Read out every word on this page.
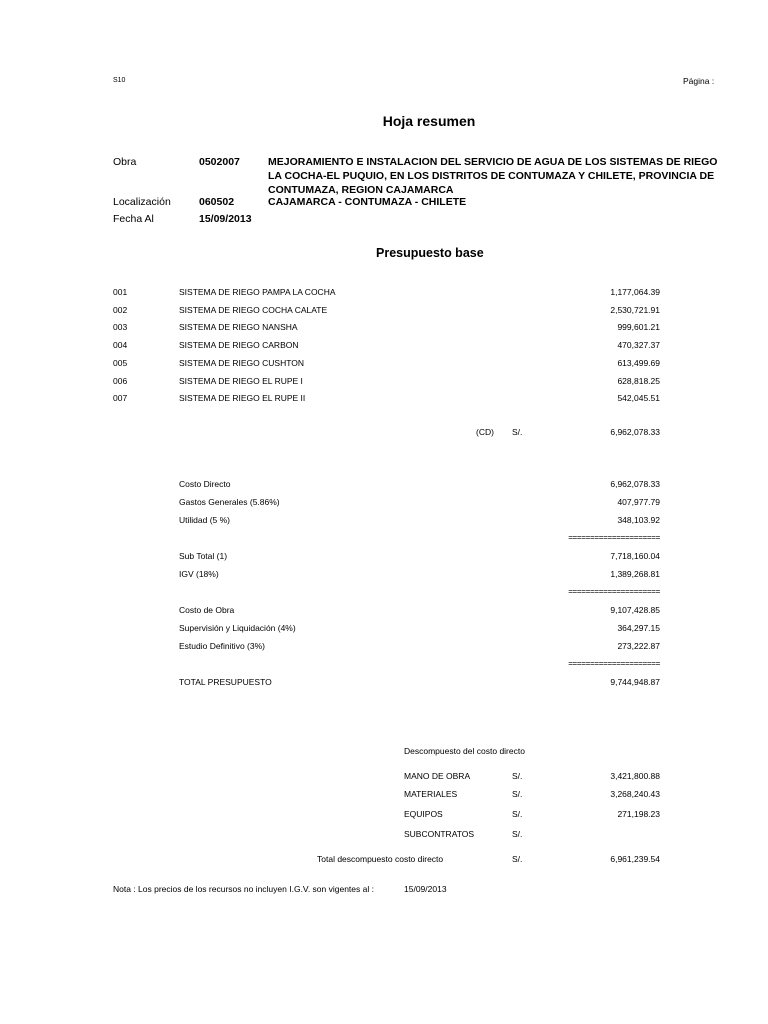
S10	Página :
Hoja resumen
Obra	0502007	MEJORAMIENTO E INSTALACION DEL SERVICIO DE AGUA DE LOS SISTEMAS DE RIEGO LA COCHA-EL PUQUIO, EN LOS DISTRITOS DE CONTUMAZA Y CHILETE, PROVINCIA DE CONTUMAZA, REGION CAJAMARCA
Localización	060502	CAJAMARCA - CONTUMAZA - CHILETE
Fecha Al	15/09/2013
Presupuesto base
001	SISTEMA DE RIEGO PAMPA LA COCHA	1,177,064.39
002	SISTEMA DE RIEGO COCHA CALATE	2,530,721.91
003	SISTEMA DE RIEGO NANSHA	999,601.21
004	SISTEMA DE RIEGO CARBON	470,327.37
005	SISTEMA DE RIEGO CUSHTON	613,499.69
006	SISTEMA DE RIEGO EL RUPE I	628,818.25
007	SISTEMA DE RIEGO EL RUPE II	542,045.51
(CD) S/.	6,962,078.33
Costo Directo	6,962,078.33
Gastos Generales (5.86%)	407,977.79
Utilidad (5 %)	348,103.92
=====================
Sub Total (1)	7,718,160.04
IGV (18%)	1,389,268.81
=====================
Costo de Obra	9,107,428.85
Supervisión y Liquidación (4%)	364,297.15
Estudio Definitivo (3%)	273,222.87
=====================
TOTAL PRESUPUESTO	9,744,948.87
Descompuesto del costo directo
MANO DE OBRA	S/.	3,421,800.88
MATERIALES	S/.	3,268,240.43
EQUIPOS	S/.	271,198.23
SUBCONTRATOS	S/.
Total descompuesto costo directo	S/.	6,961,239.54
Nota : Los precios de los recursos no incluyen I.G.V. son vigentes al :	15/09/2013
